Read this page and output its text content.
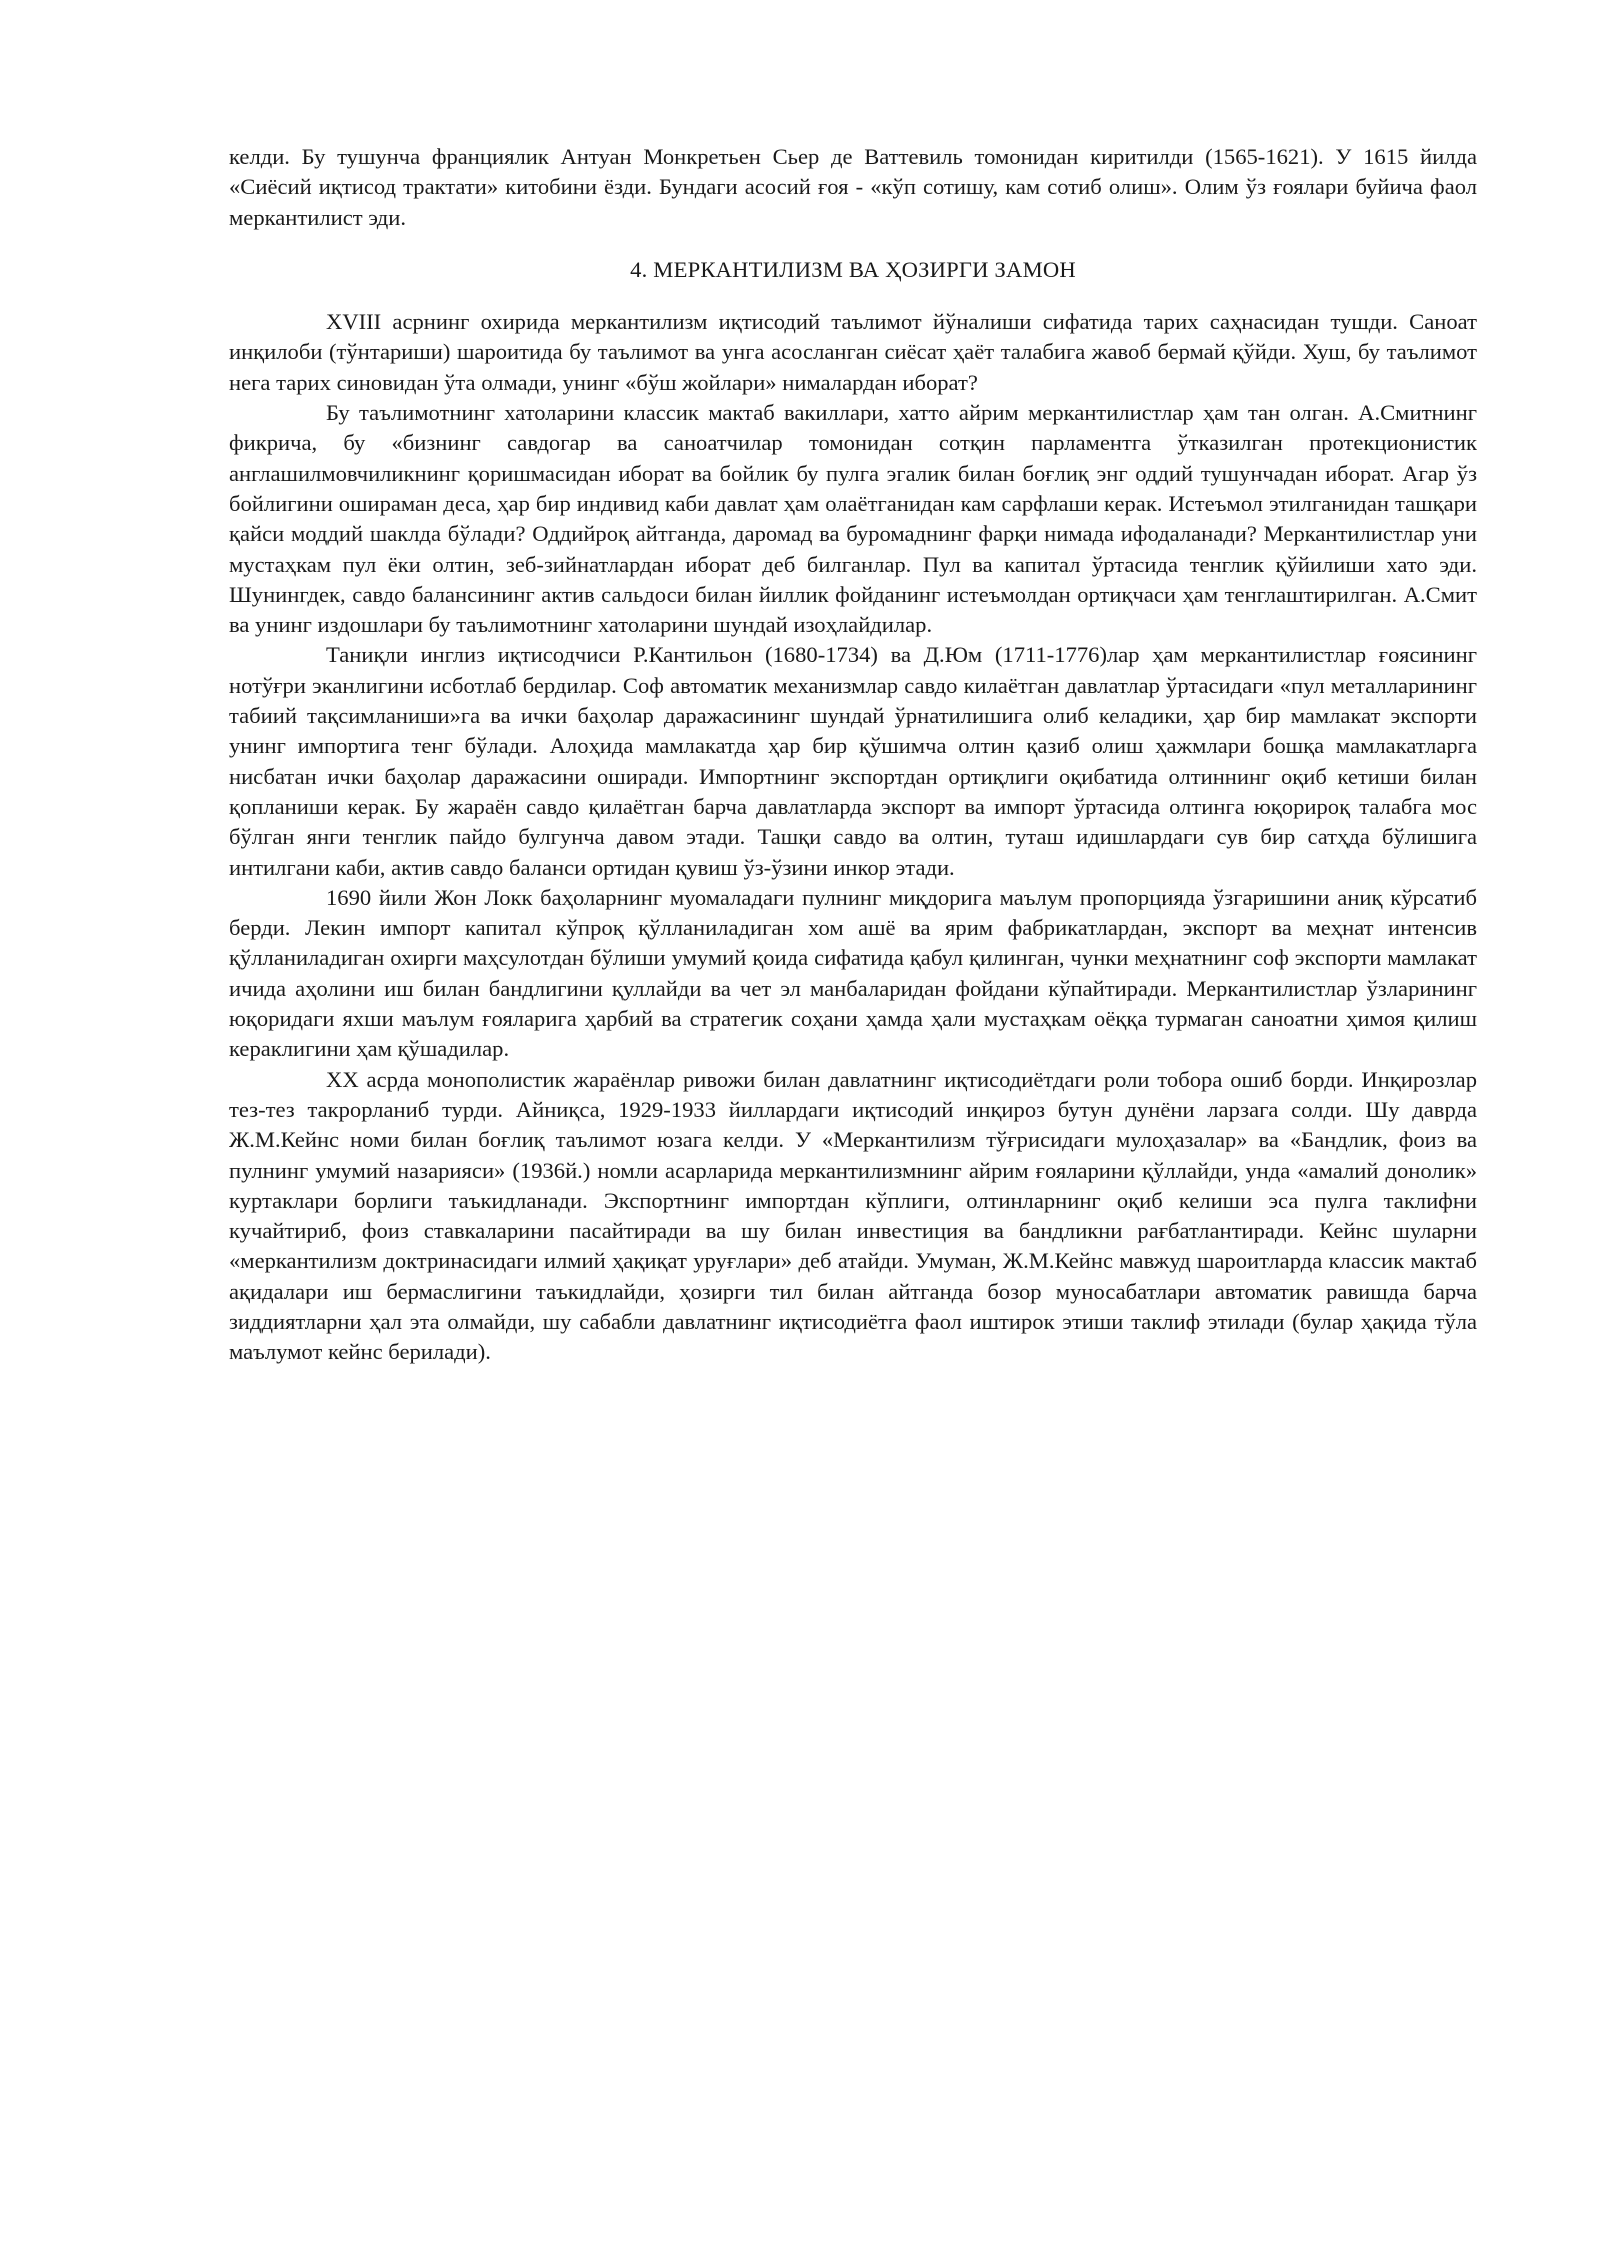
келди. Бу тушунча франциялик Антуан Монкретьен Сьер де Ваттевиль томонидан киритилди (1565-1621). У 1615 йилда «Сиёсий иқтисод трактати» китобини ёзди. Бундаги асосий ғоя - «кўп сотишу, кам сотиб олиш». Олим ўз ғоялари буйича фаол меркантилист эди.

4. МЕРКАНТИЛИЗМ ВА ҲОЗИРГИ ЗАМОН

XVIII асрнинг охирида меркантилизм иқтисодий таълимот йўналиши сифатида тарих саҳнасидан тушди. Саноат инқилоби (тўнтариши) шароитида бу таълимот ва унга асосланган сиёсат ҳаёт талабига жавоб бермай қўйди. Хуш, бу таълимот нега тарих синовидан ўта олмади, унинг «бўш жойлари» нималардан иборат?

Бу таълимотнинг хатоларини классик мактаб вакиллари, хатто айрим меркантилистлар ҳам тан олган. А.Смитнинг фикрича, бу «бизнинг савдогар ва саноатчилар томонидан сотқин парламентга ўтказилган протекционистик англашилмовчиликнинг қоришмасидан иборат ва бойлик бу пулга эгалик билан боғлиқ энг оддий тушунчадан иборат. Агар ўз бойлигини ошираман деса, ҳар бир индивид каби давлат ҳам олаётганидан кам сарфлаши керак. Истеъмол этилганидан ташқари қайси моддий шаклда бўлади? Оддийроқ айтганда, даромад ва буромаднинг фарқи нимада ифодаланади? Меркантилистлар уни мустаҳкам пул ёки олтин, зеб-зийнатлардан иборат деб билганлар. Пул ва капитал ўртасида тенглик қўйилиши хато эди. Шунингдек, савдо балансининг актив сальдоси билан йиллик фойданинг истеъмолдан ортиқчаси ҳам тенглаштирилган. А.Смит ва унинг издошлари бу таълимотнинг хатоларини шундай изоҳлайдилар.

Таниқли инглиз иқтисодчиси Р.Кантильон (1680-1734) ва Д.Юм (1711-1776)лар ҳам меркантилистлар ғоясининг нотўғри эканлигини исботлаб бердилар. Соф автоматик механизмлар савдо килаётган давлатлар ўртасидаги «пул металларининг табиий тақсимланиши»га ва ички баҳолар даражасининг шундай ўрнатилишига олиб келадики, ҳар бир мамлакат экспорти унинг импортига тенг бўлади. Алоҳида мамлакатда ҳар бир қўшимча олтин қазиб олиш ҳажмлари бошқа мамлакатларга нисбатан ички баҳолар даражасини оширади. Импортнинг экспортдан ортиқлиги оқибатида олтиннинг оқиб кетиши билан қопланиши керак. Бу жараён савдо қилаётган барча давлатларда экспорт ва импорт ўртасида олтинга юқорироқ талабга мос бўлган янги тенглик пайдо булгунча давом этади. Ташқи савдо ва олтин, туташ идишлардаги сув бир сатҳда бўлишига интилгани каби, актив савдо баланси ортидан қувиш ўз-ўзини инкор этади.

1690 йили Жон Локк баҳоларнинг муомаладаги пулнинг миқдорига маълум пропорцияда ўзгаришини аниқ кўрсатиб берди. Лекин импорт капитал кўпроқ қўлланиладиган хом ашё ва ярим фабрикатлардан, экспорт ва меҳнат интенсив қўлланиладиган охирги маҳсулотдан бўлиши умумий қоида сифатида қабул қилинган, чунки меҳнатнинг соф экспорти мамлакат ичида аҳолини иш билан бандлигини қуллайди ва чет эл манбаларидан фойдани кўпайтиради. Меркантилистлар ўзларининг юқоридаги яхши маълум ғояларига ҳарбий ва стратегик соҳани ҳамда ҳали мустаҳкам оёққа турмаган саноатни ҳимоя қилиш кераклигини ҳам қўшадилар.

XX асрда монополистик жараёнлар ривожи билан давлатнинг иқтисодиётдаги роли тобора ошиб борди. Инқирозлар тез-тез такрорланиб турди. Айниқса, 1929-1933 йиллардаги иқтисодий инқироз бутун дунёни ларзага солди. Шу даврда Ж.М.Кейнс номи билан боғлиқ таълимот юзага келди. У «Меркантилизм тўғрисидаги мулоҳазалар» ва «Бандлик, фоиз ва пулнинг умумий назарияси» (1936й.) номли асарларида меркантилизмнинг айрим ғояларини қўллайди, унда «амалий донолик» куртаклари борлиги таъкидланади. Экспортнинг импортдан кўплиги, олтинларнинг оқиб келиши эса пулга таклифни кучайтириб, фоиз ставкаларини пасайтиради ва шу билан инвестиция ва бандликни рағбатлантиради. Кейнс шуларни «меркантилизм доктринасидаги илмий ҳақиқат уруғлари» деб атайди. Умуман, Ж.М.Кейнс мавжуд шароитларда классик мактаб ақидалари иш бермаслигини таъкидлайди, ҳозирги тил билан айтганда бозор муносабатлари автоматик равишда барча зиддиятларни ҳал эта олмайди, шу сабабли давлатнинг иқтисодиётга фаол иштирок этиши таклиф этилади (булар ҳақида тўла маълумот кейнс берилади).
